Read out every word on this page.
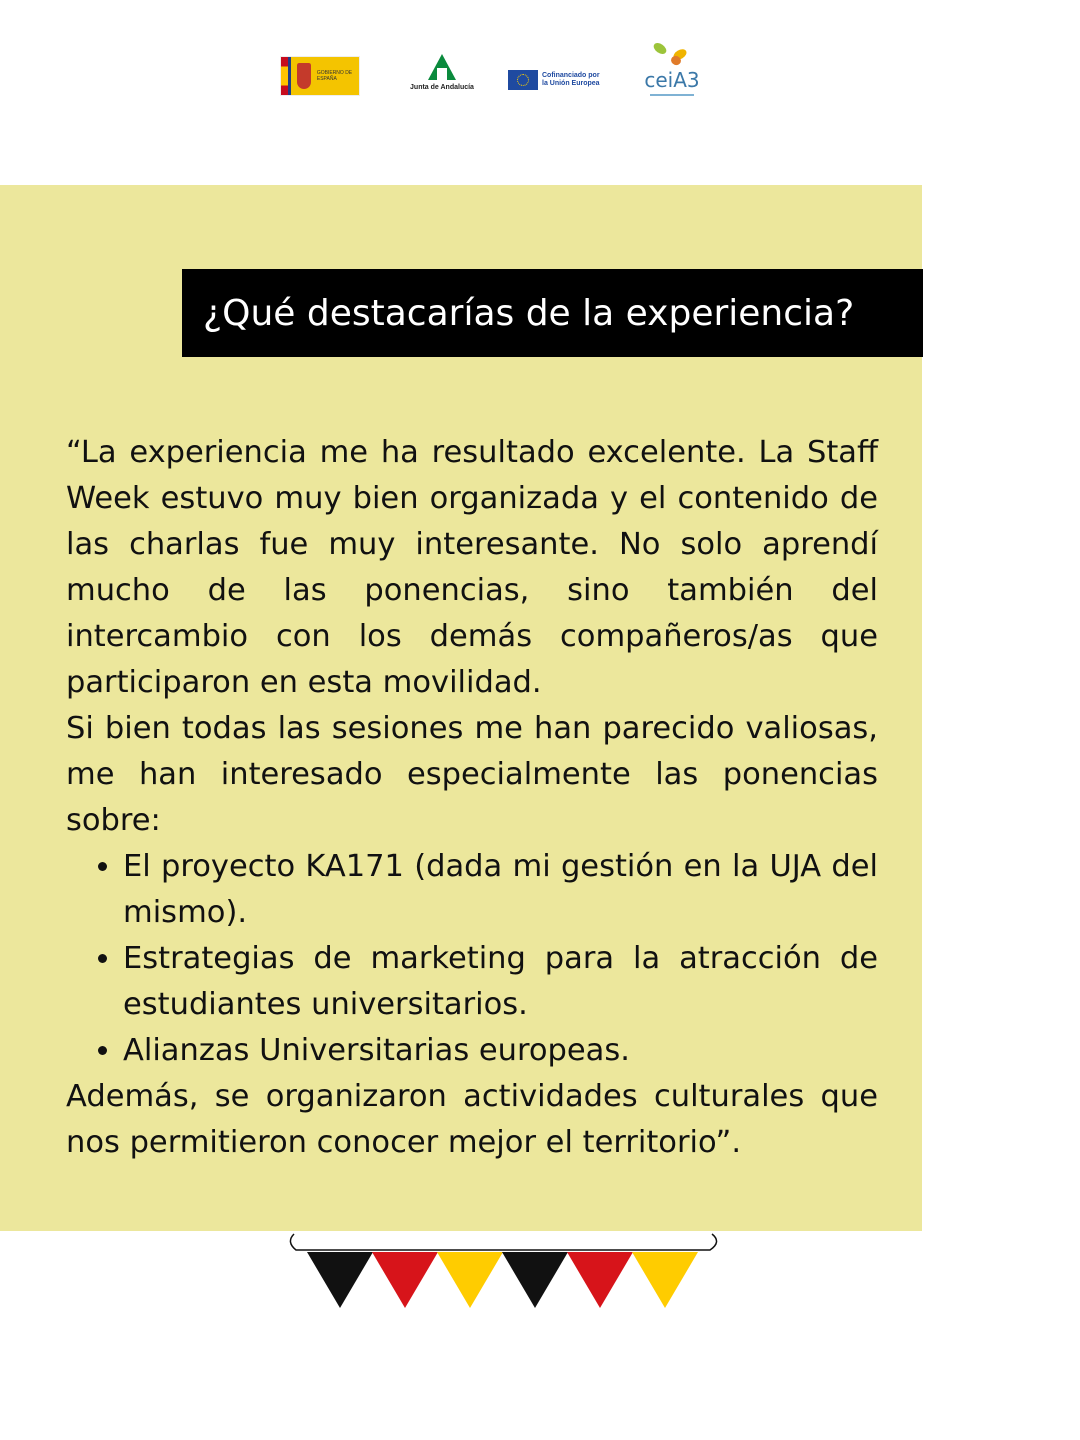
GOBIERNO DE ESPAÑA
Junta de Andalucía
Cofinanciado por
la Unión Europea	ceiA3
¿Qué destacarías de la experiencia?

“La experiencia me ha resultado excelente. La Staff Week estuvo muy bien organizada y el contenido de las charlas fue muy interesante. No solo aprendí mucho de las ponencias, sino también del intercambio con los demás compañeros/as que participaron en esta movilidad.

Si bien todas las sesiones me han parecido valiosas, me han interesado especialmente las ponencias sobre:

• El proyecto KA171 (dada mi gestión en la UJA del mismo).
• Estrategias de marketing para la atracción de estudiantes universitarios.
• Alianzas Universitarias europeas.

Además, se organizaron actividades culturales que nos permitieron conocer mejor el territorio”.
